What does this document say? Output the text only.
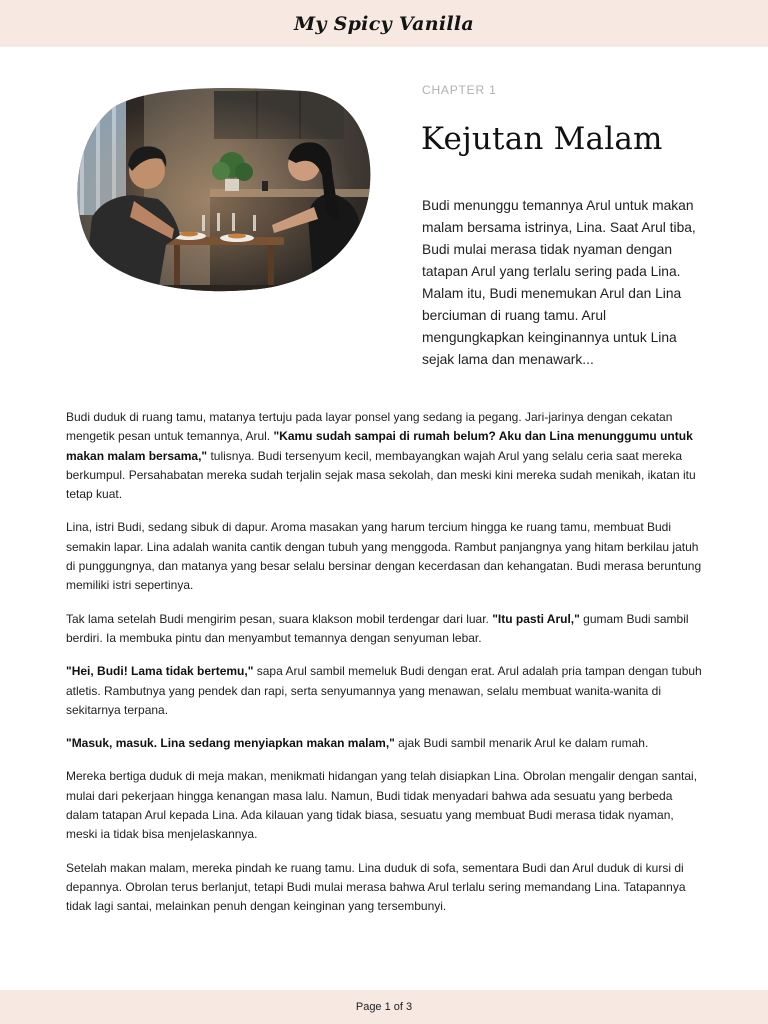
My Spicy Vanilla
CHAPTER 1
Kejutan Malam

Budi menunggu temannya Arul untuk makan malam bersama istrinya, Lina. Saat Arul tiba, Budi mulai merasa tidak nyaman dengan tatapan Arul yang terlalu sering pada Lina. Malam itu, Budi menemukan Arul dan Lina berciuman di ruang tamu. Arul mengungkapkan keinginannya untuk Lina sejak lama dan menawark...

Budi duduk di ruang tamu, matanya tertuju pada layar ponsel yang sedang ia pegang. Jari-jarinya dengan cekatan mengetik pesan untuk temannya, Arul. "Kamu sudah sampai di rumah belum? Aku dan Lina menunggumu untuk makan malam bersama," tulisnya. Budi tersenyum kecil, membayangkan wajah Arul yang selalu ceria saat mereka berkumpul. Persahabatan mereka sudah terjalin sejak masa sekolah, dan meski kini mereka sudah menikah, ikatan itu tetap kuat.

Lina, istri Budi, sedang sibuk di dapur. Aroma masakan yang harum tercium hingga ke ruang tamu, membuat Budi semakin lapar. Lina adalah wanita cantik dengan tubuh yang menggoda. Rambut panjangnya yang hitam berkilau jatuh di punggungnya, dan matanya yang besar selalu bersinar dengan kecerdasan dan kehangatan. Budi merasa beruntung memiliki istri sepertinya.

Tak lama setelah Budi mengirim pesan, suara klakson mobil terdengar dari luar. "Itu pasti Arul," gumam Budi sambil berdiri. Ia membuka pintu dan menyambut temannya dengan senyuman lebar.

"Hei, Budi! Lama tidak bertemu," sapa Arul sambil memeluk Budi dengan erat. Arul adalah pria tampan dengan tubuh atletis. Rambutnya yang pendek dan rapi, serta senyumannya yang menawan, selalu membuat wanita-wanita di sekitarnya terpana.

"Masuk, masuk. Lina sedang menyiapkan makan malam," ajak Budi sambil menarik Arul ke dalam rumah.

Mereka bertiga duduk di meja makan, menikmati hidangan yang telah disiapkan Lina. Obrolan mengalir dengan santai, mulai dari pekerjaan hingga kenangan masa lalu. Namun, Budi tidak menyadari bahwa ada sesuatu yang berbeda dalam tatapan Arul kepada Lina. Ada kilauan yang tidak biasa, sesuatu yang membuat Budi merasa tidak nyaman, meski ia tidak bisa menjelaskannya.

Setelah makan malam, mereka pindah ke ruang tamu. Lina duduk di sofa, sementara Budi dan Arul duduk di kursi di depannya. Obrolan terus berlanjut, tetapi Budi mulai merasa bahwa Arul terlalu sering memandang Lina. Tatapannya tidak lagi santai, melainkan penuh dengan keinginan yang tersembunyi.

Page 1 of 3
